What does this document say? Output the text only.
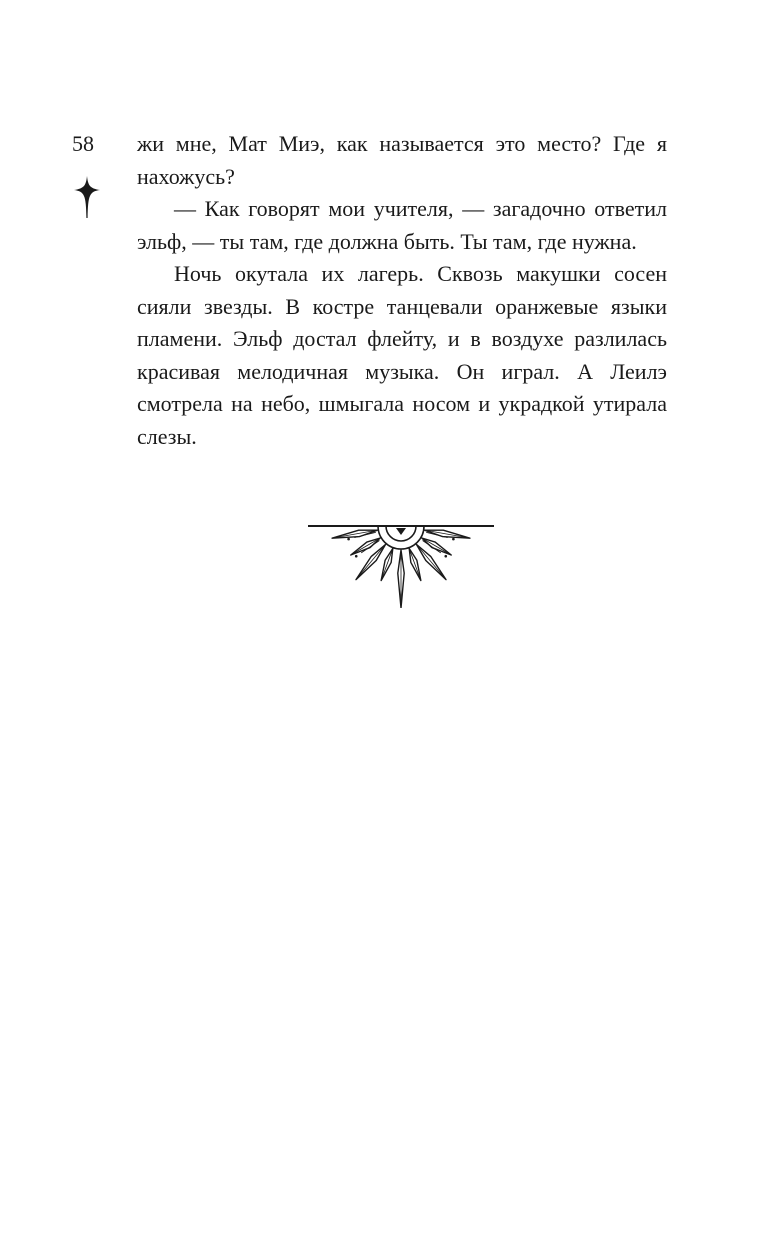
58 жи мне, Мат Миэ, как называется это место? Где я нахожусь?

— Как говорят мои учителя, — загадочно ответил эльф, — ты там, где должна быть. Ты там, где нужна.

Ночь окутала их лагерь. Сквозь макушки сосен сияли звезды. В костре танцевали оранжевые языки пламени. Эльф достал флейту, и в воздухе разлилась красивая мелодичная музыка. Он играл. А Леилэ смотрела на небо, шмыгала носом и украдкой утирала слезы.
